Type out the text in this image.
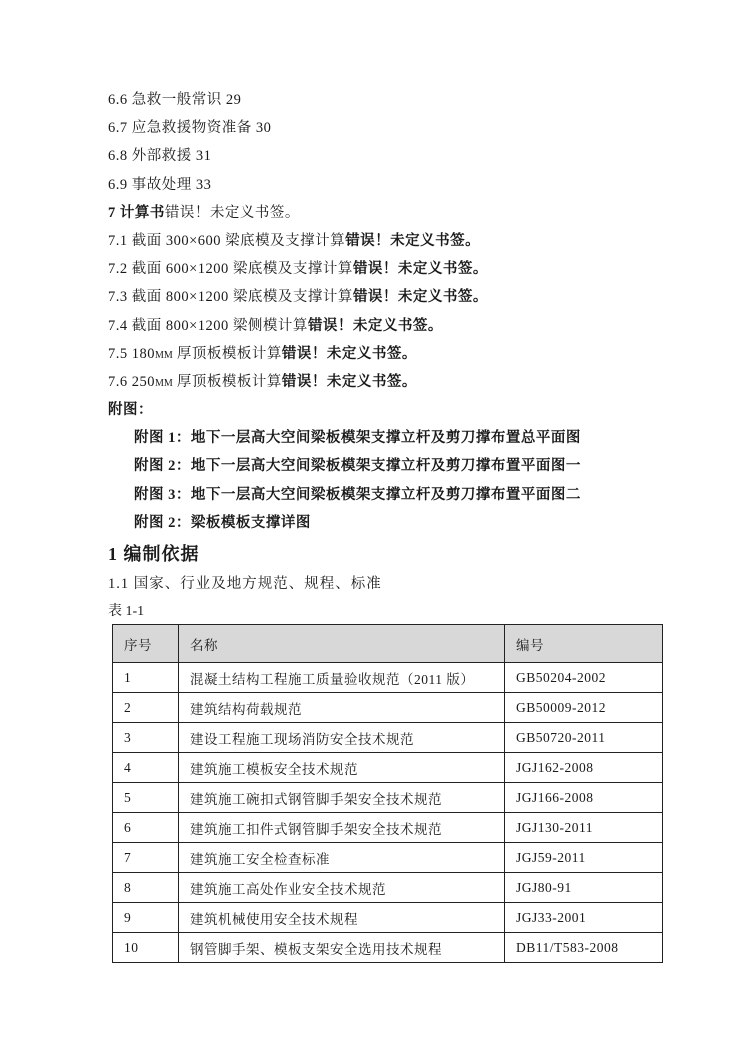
6.6 急救一般常识 29
6.7 应急救援物资准备 30
6.8 外部救援 31
6.9 事故处理 33
7 计算书错误！未定义书签。
7.1 截面 300×600 梁底模及支撑计算错误！未定义书签。
7.2 截面 600×1200 梁底模及支撑计算错误！未定义书签。
7.3 截面 800×1200 梁底模及支撑计算错误！未定义书签。
7.4 截面 800×1200 梁侧模计算错误！未定义书签。
7.5 180MM 厚顶板模板计算错误！未定义书签。
7.6 250MM 厚顶板模板计算错误！未定义书签。
附图：
附图 1：地下一层高大空间梁板模架支撑立杆及剪刀撑布置总平面图
附图 2：地下一层高大空间梁板模架支撑立杆及剪刀撑布置平面图一
附图 3：地下一层高大空间梁板模架支撑立杆及剪刀撑布置平面图二
附图 2：梁板模板支撑详图
1 编制依据
1.1 国家、行业及地方规范、规程、标准
表 1-1
序号	名称	编号
1	混凝土结构工程施工质量验收规范（2011 版）	GB50204-2002
2	建筑结构荷载规范	GB50009-2012
3	建设工程施工现场消防安全技术规范	GB50720-2011
4	建筑施工模板安全技术规范	JGJ162-2008
5	建筑施工碗扣式钢管脚手架安全技术规范	JGJ166-2008
6	建筑施工扣件式钢管脚手架安全技术规范	JGJ130-2011
7	建筑施工安全检查标准	JGJ59-2011
8	建筑施工高处作业安全技术规范	JGJ80-91
9	建筑机械使用安全技术规程	JGJ33-2001
10	钢管脚手架、模板支架安全选用技术规程	DB11/T583-2008
